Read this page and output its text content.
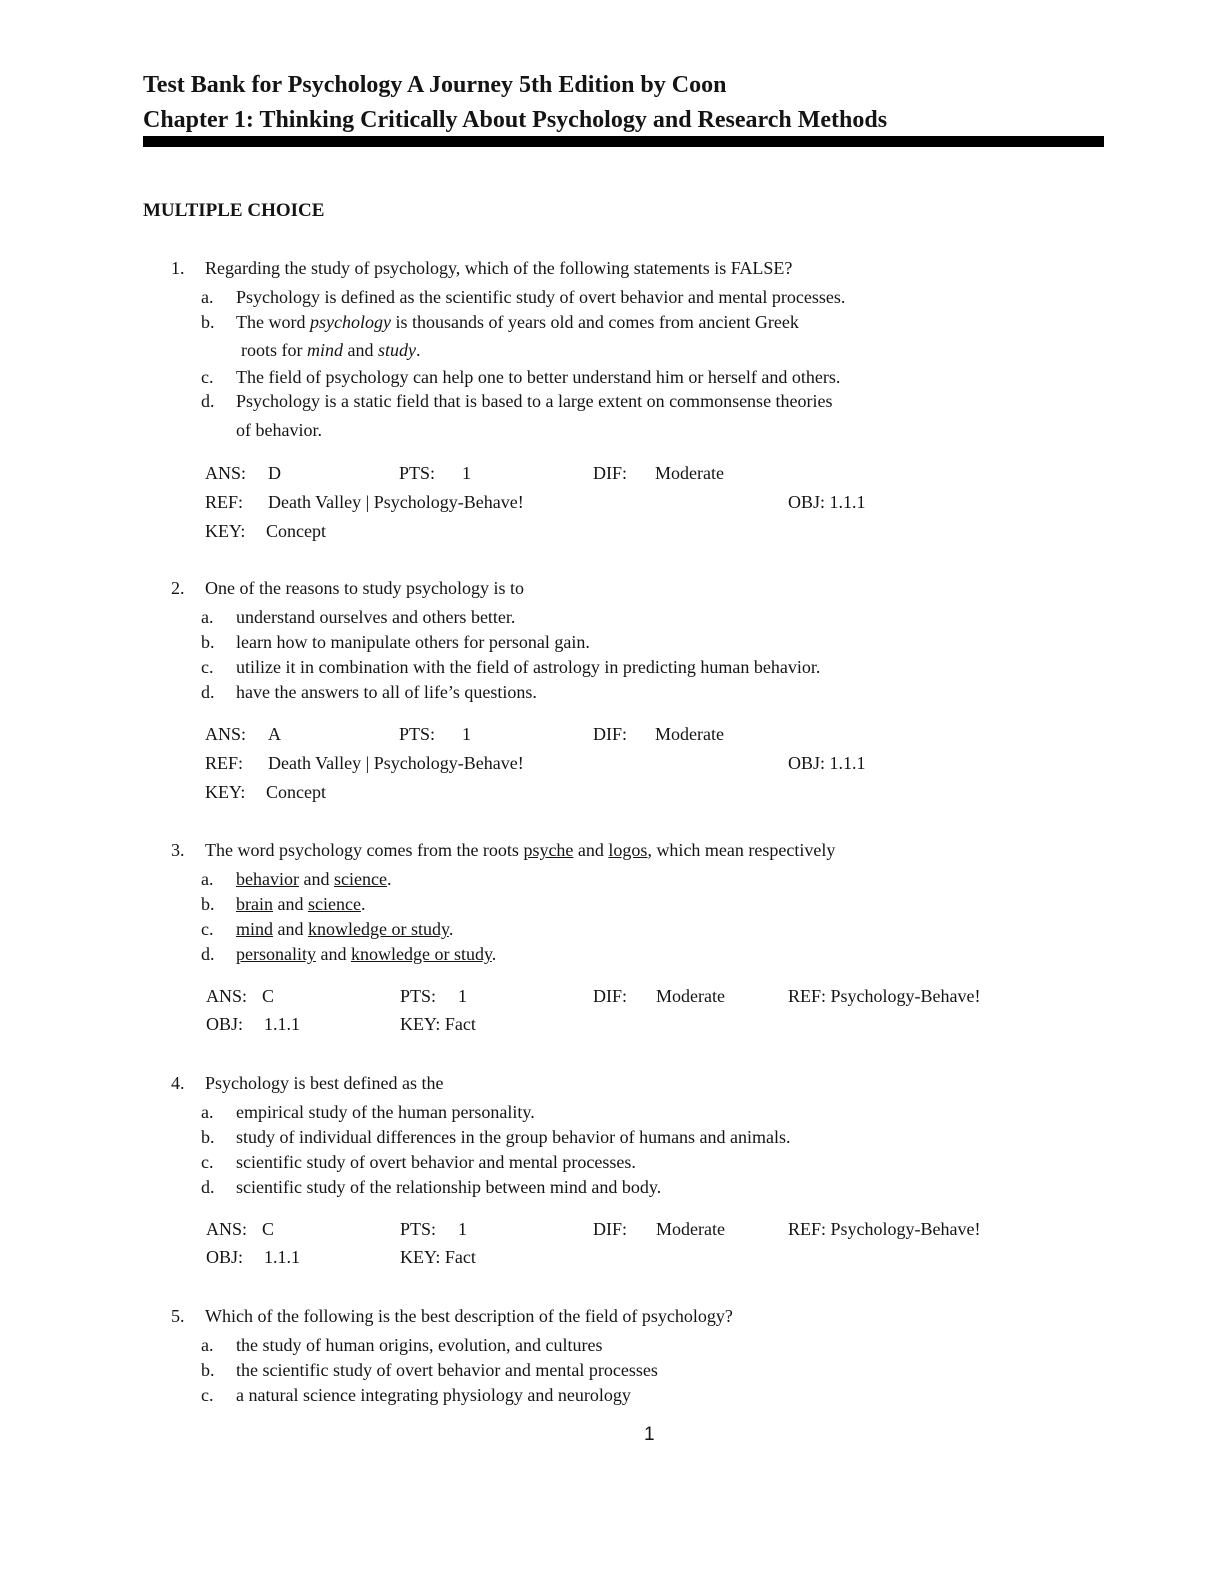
Test Bank for Psychology A Journey 5th Edition by Coon
Chapter 1: Thinking Critically About Psychology and Research Methods
MULTIPLE CHOICE
1. Regarding the study of psychology, which of the following statements is FALSE?
a. Psychology is defined as the scientific study of overt behavior and mental processes.
b. The word psychology is thousands of years old and comes from ancient Greek
roots for mind and study.
c. The field of psychology can help one to better understand him or herself and others.
d. Psychology is a static field that is based to a large extent on commonsense theories
of behavior.
ANS: D	PTS: 1	DIF: Moderate
REF: Death Valley | Psychology-Behave!	OBJ: 1.1.1
KEY: Concept
2. One of the reasons to study psychology is to
a. understand ourselves and others better.
b. learn how to manipulate others for personal gain.
c. utilize it in combination with the field of astrology in predicting human behavior.
d. have the answers to all of life’s questions.
ANS: A	PTS: 1	DIF: Moderate
REF: Death Valley | Psychology-Behave!	OBJ: 1.1.1
KEY: Concept
3. The word psychology comes from the roots psyche and logos, which mean respectively
a. behavior and science.
b. brain and science.
c. mind and knowledge or study.
d. personality and knowledge or study.
ANS: C	PTS: 1	DIF: Moderate	REF: Psychology-Behave!
OBJ: 1.1.1	KEY: Fact
4. Psychology is best defined as the
a. empirical study of the human personality.
b. study of individual differences in the group behavior of humans and animals.
c. scientific study of overt behavior and mental processes.
d. scientific study of the relationship between mind and body.
ANS: C	PTS: 1	DIF: Moderate	REF: Psychology-Behave!
OBJ: 1.1.1	KEY: Fact
5. Which of the following is the best description of the field of psychology?
a. the study of human origins, evolution, and cultures
b. the scientific study of overt behavior and mental processes
c. a natural science integrating physiology and neurology
1
